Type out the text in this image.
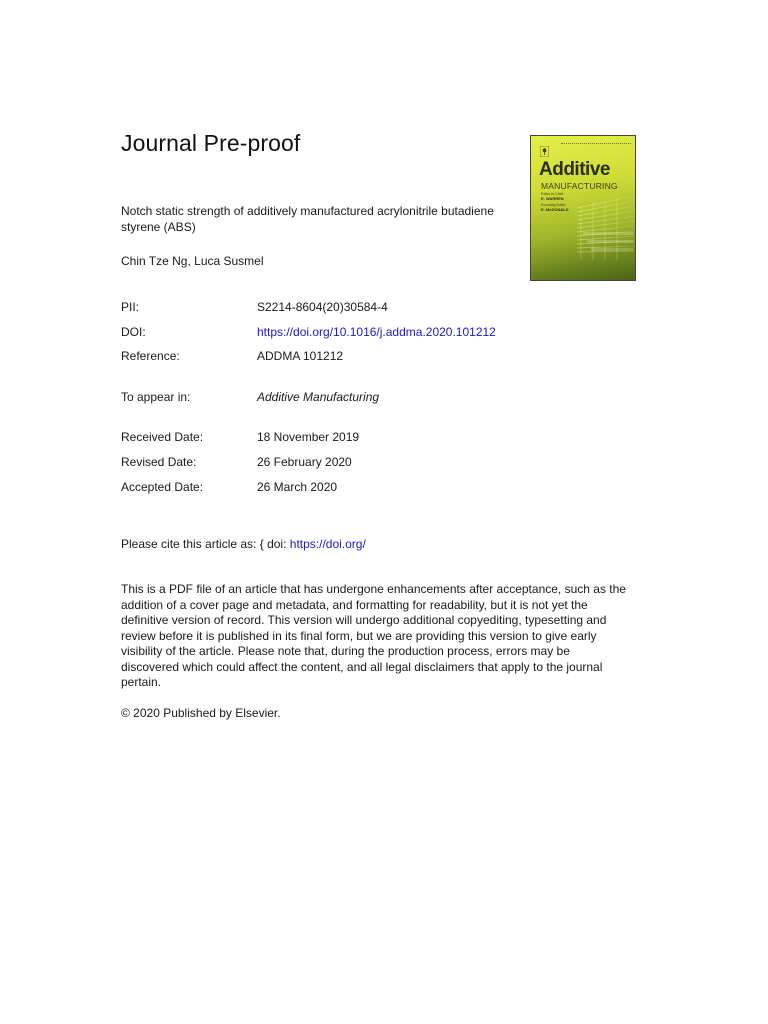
Journal Pre-proof
Notch static strength of additively manufactured acrylonitrile butadiene styrene (ABS)
Chin Tze Ng, Luca Susmel
PII:	S2214-8604(20)30584-4
DOI:	https://doi.org/10.1016/j.addma.2020.101212
Reference:	ADDMA 101212
To appear in:	Additive Manufacturing
Received Date:	18 November 2019
Revised Date:	26 February 2020
Accepted Date:	26 March 2020
Please cite this article as: { doi: https://doi.org/
This is a PDF file of an article that has undergone enhancements after acceptance, such as the addition of a cover page and metadata, and formatting for readability, but it is not yet the definitive version of record. This version will undergo additional copyediting, typesetting and review before it is published in its final form, but we are providing this version to give early visibility of the article. Please note that, during the production process, errors may be discovered which could affect the content, and all legal disclaimers that apply to the journal pertain.
© 2020 Published by Elsevier.
Additive
MANUFACTURING
Editor-in-Chief
E. WARREN
Founding Editor
E. McDONALD
